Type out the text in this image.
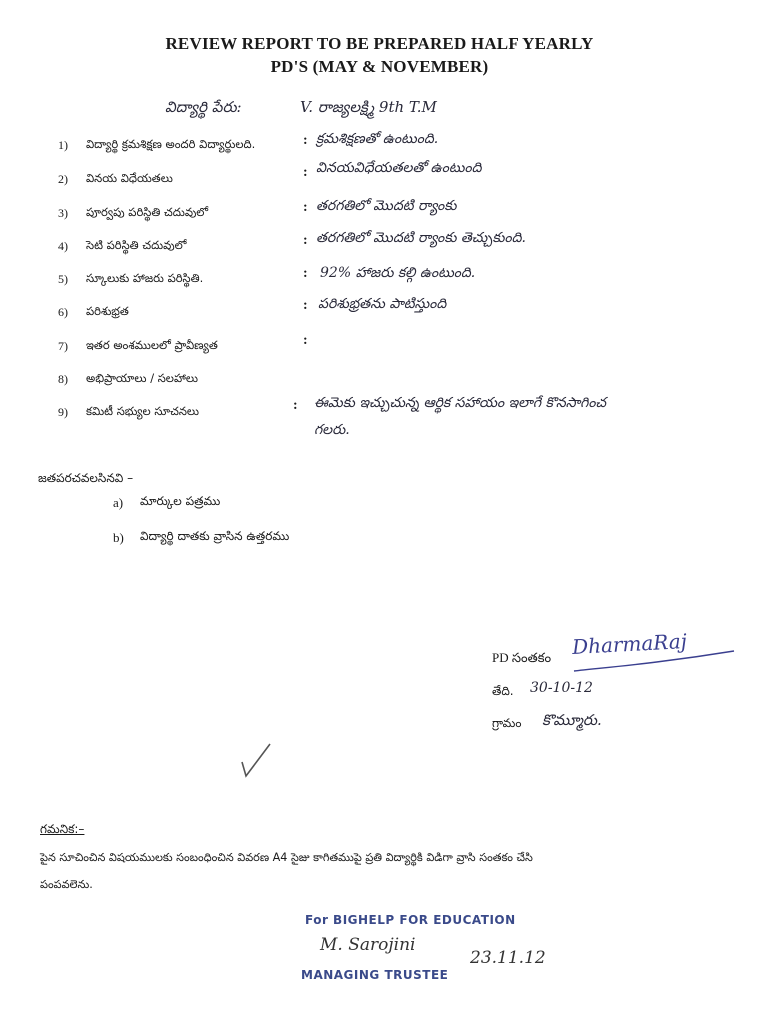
REVIEW REPORT TO BE PREPARED HALF YEARLY
PD'S (MAY & NOVEMBER)
విద్యార్థి పేరు:	V. రాజ్యలక్ష్మి 9th T.M
1) విద్యార్థి క్రమశిక్షణ అందరి విద్యార్థులది.	: క్రమశిక్షణతో ఉంటుంది.
2) వినయ విధేయతలు	: వినయవిధేయతలతో ఉంటుంది
3) పూర్వపు పరిస్థితి చదువులో	: తరగతిలో మొదటి ర్యాంకు
4) సెటి పరిస్థితి చదువులో	: తరగతిలో మొదటి ర్యాంకు తెచ్చుకుంది.
5) స్కూలుకు హాజరు పరిస్థితి.	: 92% హాజరు కల్గి ఉంటుంది.
6) పరిశుభ్రత	: పరిశుభ్రతను పాటిస్తుంది
7) ఇతర అంశములలో ప్రావీణ్యత	:
8) అభిప్రాయాలు / సలహాలు
9) కమిటీ సభ్యుల సూచనలు	: ఈమెకు ఇచ్చుచున్న ఆర్థిక సహాయం ఇలాగే కొనసాగించ
గలరు.
జతపరచవలసినవి –
a) మార్కుల పత్రము
b) విద్యార్థి దాతకు వ్రాసిన ఉత్తరము
PD సంతకం DharmaRaj
తేది. 30-10-12
గ్రామం కొమ్మూరు.
గమనిక:–
పైన సూచించిన విషయములకు సంబంధించిన వివరణ A4 సైజు కాగితముపై ప్రతి విద్యార్థికి విడిగా వ్రాసి సంతకం చేసి
పంపవలెను.
For BIGHELP FOR EDUCATION
M. Sarojini
23.11.12
MANAGING TRUSTEE
